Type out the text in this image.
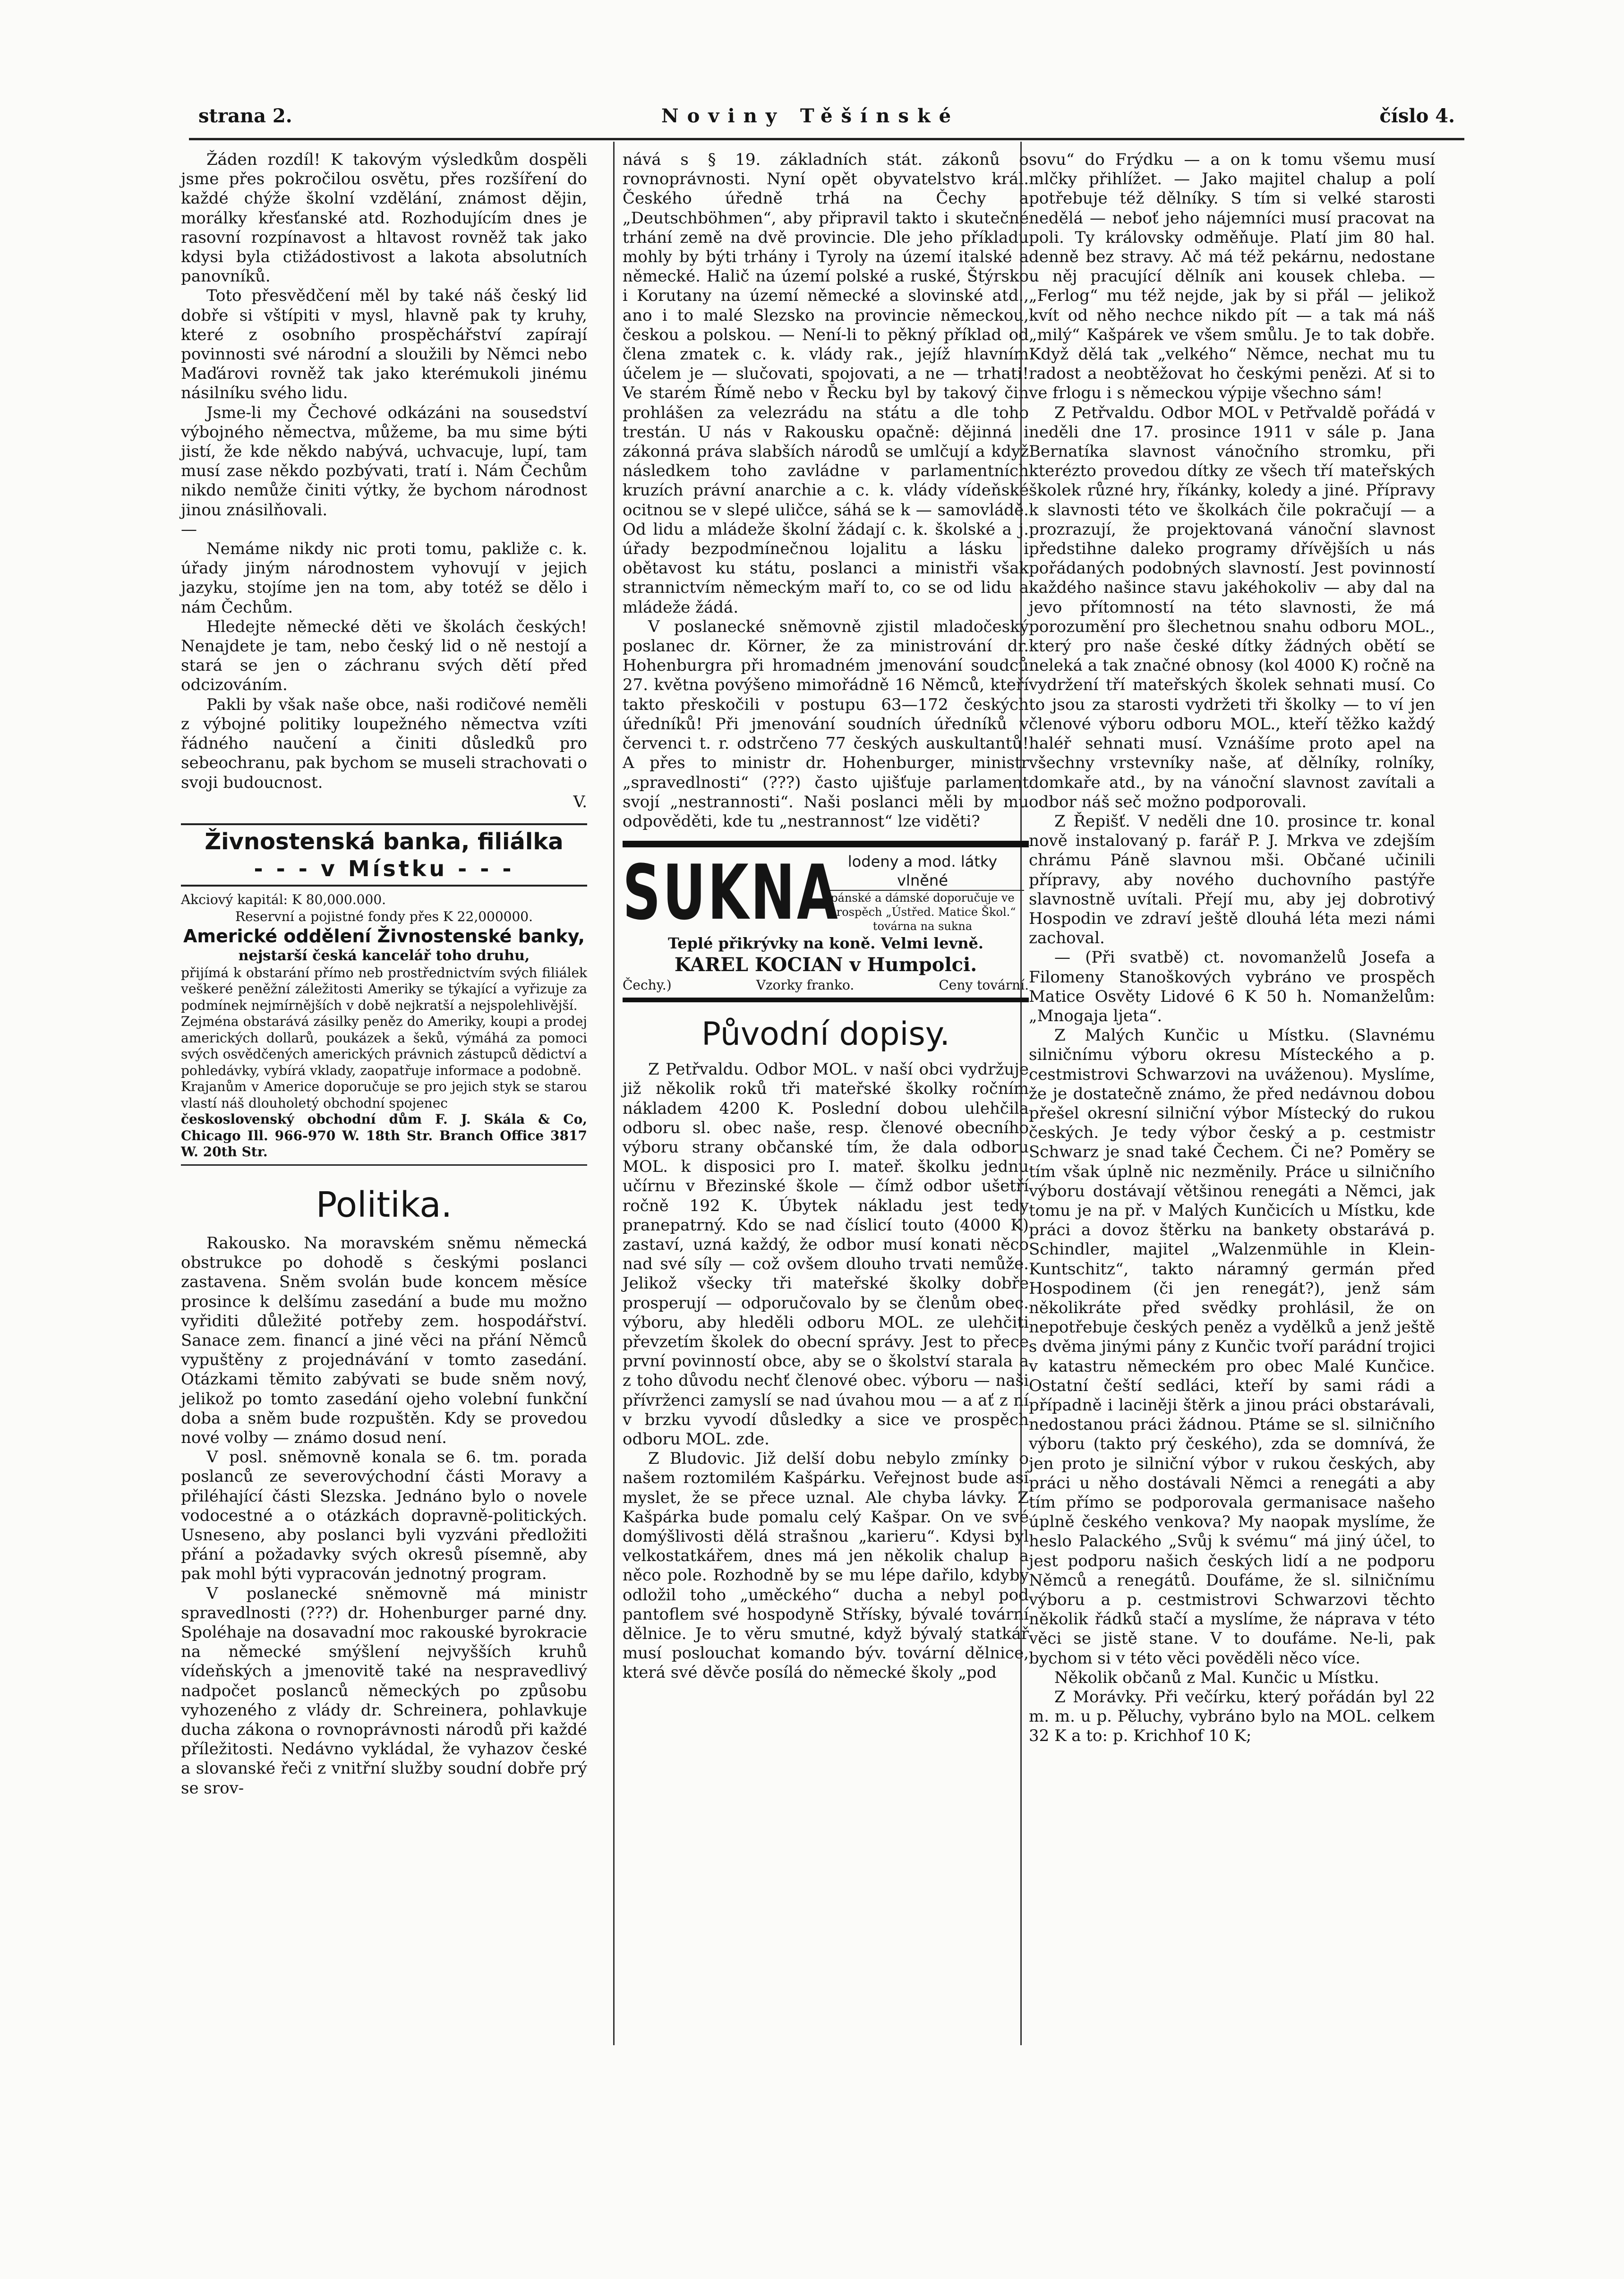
strana 2.	Noviny Těšínské	číslo 4.

Žáden rozdíl! K takovým výsledkům dospěli jsme přes pokročilou osvětu, přes rozšíření do každé chýže školní vzdělání, známost dějin, morálky křesťanské atd. Rozhodujícím dnes je rasovní rozpínavost a hltavost rovněž tak jako kdysi byla ctižádostivost a lakota absolutních panovníků.

Toto přesvědčení měl by také náš český lid dobře si vštípiti v mysl, hlavně pak ty kruhy, které z osobního prospěchářství zapírají povinnosti své národní a sloužili by Němci nebo Maďárovi rovněž tak jako kterémukoli jinému násilníku svého lidu.

Jsme-li my Čechové odkázáni na sousedství výbojného němectva, můžeme, ba mu sime býti jistí, že kde někdo nabývá, uchvacuje, lupí, tam musí zase někdo pozbývati, tratí i. Nám Čechům nikdo nemůže činiti výtky, že bychom národnost jinou znásilňovali.

—

Nemáme nikdy nic proti tomu, pakliže c. k. úřady jiným národnostem vyhovují v jejich jazyku, stojíme jen na tom, aby totéž se dělo i nám Čechům.

Hledejte německé děti ve školách českých! Nenajdete je tam, nebo český lid o ně nestojí a stará se jen o záchranu svých dětí před odcizováním.

Pakli by však naše obce, naši rodičové neměli z výbojné politiky loupežného němectva vzíti řádného naučení a činiti důsledků pro sebeochranu, pak bychom se museli strachovati o svoji budoucnost.

V.

Živnostenská banka, filiálka
- - - v Místku - - -
Akciový kapitál: K 80,000.000.
Reservní a pojistné fondy přes K 22,000000.
Americké oddělení Živnostenské banky,
nejstarší česká kancelář toho druhu,

přijímá k obstarání přímo neb prostřednictvím svých filiálek veškeré peněžní záležitosti Ameriky se týkající a vyřizuje za podmínek nejmírnějších v době nejkratší a nejspolehlivější.

Zejména obstarává zásilky peněz do Ameriky, koupi a prodej amerických dollarů, poukázek a šeků, výmáhá za pomoci svých osvědčených amerických právnich zástupců dědictví a pohledávky, vybírá vklady, zaopatřuje informace a podobně.

Krajanům v Americe doporučuje se pro jejich styk se starou vlastí náš dlouholetý obchodní spojenec

československý obchodní dům F. J. Skála & Co, Chicago Ill. 966-970 W. 18th Str. Branch Office 3817 W. 20th Str.

Politika.

Rakousko. Na moravském sněmu německá obstrukce po dohodě s českými poslanci zastavena. Sněm svolán bude koncem měsíce prosince k delšímu zasedání a bude mu možno vyřiditi důležité potřeby zem. hospodářství. Sanace zem. financí a jiné věci na přání Němců vypuštěny z projednávání v tomto zasedání. Otázkami těmito zabývati se bude sněm nový, jelikož po tomto zasedání ojeho volební funkční doba a sněm bude rozpuštěn. Kdy se provedou nové volby — známo dosud není.

V posl. sněmovně konala se 6. tm. porada poslanců ze severovýchodní části Moravy a přiléhající části Slezska. Jednáno bylo o novele vodocestné a o otázkách dopravně-politických. Usneseno, aby poslanci byli vyzváni předložiti přání a požadavky svých okresů písemně, aby pak mohl býti vypracován jednotný program.

V poslanecké sněmovně má ministr spravedlnosti (???) dr. Hohenburger parné dny. Spoléhaje na dosavadní moc rakouské byrokracie na německé smýšlení nejvyšších kruhů vídeňských a jmenovitě také na nespravedlivý nadpočet poslanců německých po způsobu vyhozeného z vlády dr. Schreinera, pohlavkuje ducha zákona o rovnoprávnosti národů při každé příležitosti. Nedávno vykládal, že vyhazov české a slovanské řeči z vnitřní služby soudní dobře prý se srov-

nává s § 19. základních stát. zákonů o rovnoprávnosti. Nyní opět obyvatelstvo král. Českého úředně trhá na Čechy a „Deutschböhmen“, aby připravil takto i skutečné trhání země na dvě provincie. Dle jeho příkladu mohly by býti trhány i Tyroly na území italské a německé. Halič na území polské a ruské, Štýrsko i Korutany na území německé a slovinské atd., ano i to malé Slezsko na provincie německou, českou a polskou. — Není-li to pěkný příklad od člena zmatek c. k. vlády rak., jejíž hlavním účelem je — slučovati, spojovati, a ne — trhati! Ve starém Římě nebo v Řecku byl by takový čin prohlášen za velezrádu na státu a dle toho trestán. U nás v Rakousku opačně: dějinná i zákonná práva slabších národů se umlčují a když následkem toho zavládne v parlamentních kruzích právní anarchie a c. k. vlády vídeňské ocitnou se v slepé uličce, sáhá se k — samovládě. Od lidu a mládeže školní žádají c. k. školské a j. úřady bezpodmínečnou lojalitu a lásku i obětavost ku státu, poslanci a ministři však strannictvím německým maří to, co se od lidu a mládeže žádá.

V poslanecké sněmovně zjistil mladočeský poslanec dr. Körner, že za ministrování dr. Hohenburgra při hromadném jmenování soudců 27. května povýšeno mimořádně 16 Němců, kteří takto přeskočili v postupu 63—172 českých úředníků! Při jmenování soudních úředníků v červenci t. r. odstrčeno 77 českých auskultantů! A přes to ministr dr. Hohenburger, ministr „spravedlnosti“ (???) často ujišťuje parlament svojí „nestrannosti“. Naši poslanci měli by mu odpověděti, kde tu „nestrannost“ lze viděti?

SUKNA lodeny a mod. látky vlněné
pánské a dámské doporučuje ve prospěch „Ústřed. Matice Škol.“ továrna na sukna
Teplé přikrývky na koně. Velmi levně.
KAREL KOCIAN v Humpolci.
Čechy.)	Vzorky franko.	Ceny tovární.
Původní dopisy.

Z Petřvaldu. Odbor MOL. v naší obci vydržuje již několik roků tři mateřské školky ročním nákladem 4200 K. Poslední dobou ulehčila odboru sl. obec naše, resp. členové obecního výboru strany občanské tím, že dala odboru MOL. k disposici pro I. mateř. školku jednu učírnu v Březinské škole — čímž odbor ušetří ročně 192 K. Úbytek nákladu jest tedy pranepatrný. Kdo se nad číslicí touto (4000 K) zastaví, uzná každý, že odbor musí konati něco nad své síly — což ovšem dlouho trvati nemůže. Jelikož všecky tři mateřské školky dobře prosperují — odporučovalo by se členům obec. výboru, aby hleděli odboru MOL. ze ulehčiti převzetím školek do obecní správy. Jest to přece první povinností obce, aby se o školství starala a z toho důvodu nechť členové obec. výboru — naši přívrženci zamyslí se nad úvahou mou — a ať z ní v brzku vyvodí důsledky a sice ve prospěch odboru MOL. zde.

Z Bludovic. Již delší dobu nebylo zmínky o našem roztomilém Kašpárku. Veřejnost bude asi myslet, že se přece uznal. Ale chyba lávky. Z Kašpárka bude pomalu celý Kašpar. On ve své domýšlivosti dělá strašnou „karieru“. Kdysi byl velkostatkářem, dnes má jen několik chalup a něco pole. Rozhodně by se mu lépe dařilo, kdyby odložil toho „uměckého“ ducha a nebyl pod pantoflem své hospodyně Střísky, bývalé tovární dělnice. Je to věru smutné, když bývalý statkář musí poslouchat komando býv. tovární dělnice, která své děvče posílá do německé školy „pod

sovu“ do Frýdku — a on k tomu všemu musí mlčky přihlížet. — Jako majitel chalup a polí potřebuje též dělníky. S tím si velké starosti nedělá — neboť jeho nájemníci musí pracovat na poli. Ty královsky odměňuje. Platí jim 80 hal. denně bez stravy. Ač má též pekárnu, nedostane u něj pracující dělník ani kousek chleba. — „Ferlog“ mu též nejde, jak by si přál — jelikož kvít od něho nechce nikdo pít — a tak má náš „milý“ Kašpárek ve všem smůlu. Je to tak dobře. Když dělá tak „velkého“ Němce, nechat mu tu radost a neobtěžovat ho českými penězi. Ať si to ve frlogu i s německou výpije všechno sám!

Z Petřvaldu. Odbor MOL v Petřvaldě pořádá v neděli dne 17. prosince 1911 v sále p. Jana Bernatíka slavnost vánočního stromku, při kterézto provedou dítky ze všech tří mateřských školek různé hry, říkánky, koledy a jiné. Přípravy k slavnosti této ve školkách čile pokračují — a prozrazují, že projektovaná vánoční slavnost předstihne daleko programy dřívějších u nás pořádaných podobných slavností. Jest povinností každého našince stavu jakéhokoliv — aby dal na jevo přítomností na této slavnosti, že má porozumění pro šlechetnou snahu odboru MOL., který pro naše české dítky žádných obětí se neleká a tak značné obnosy (kol 4000 K) ročně na vydržení tří mateřských školek sehnati musí. Co to jsou za starosti vydržeti tři školky — to ví jen členové výboru odboru MOL., kteří těžko každý haléř sehnati musí. Vznášíme proto apel na všechny vrstevníky naše, ať dělníky, rolníky, domkaře atd., by na vánoční slavnost zavítali a odbor náš seč možno podporovali.

Z Řepišť. V neděli dne 10. prosince tr. konal nově instalovaný p. farář P. J. Mrkva ve zdejším chrámu Páně slavnou mši. Občané učinili přípravy, aby nového duchovního pastýře slavnostně uvítali. Přejí mu, aby jej dobrotivý Hospodin ve zdraví ještě dlouhá léta mezi námi zachoval.

— (Při svatbě) ct. novomanželů Josefa a Filomeny Stanoškových vybráno ve prospěch Matice Osvěty Lidové 6 K 50 h. Nomanželům: „Mnogaja ljeta“.

Z Malých Kunčic u Místku. (Slavnému silničnímu výboru okresu Místeckého a p. cestmistrovi Schwarzovi na uváženou). Myslíme, že je dostatečně známo, že před nedávnou dobou přešel okresní silniční výbor Místecký do rukou českých. Je tedy výbor český a p. cestmistr Schwarz je snad také Čechem. Či ne? Poměry se tím však úplně nic nezměnily. Práce u silničního výboru dostávají většinou renegáti a Němci, jak tomu je na př. v Malých Kunčicích u Místku, kde práci a dovoz štěrku na bankety obstarává p. Schindler, majitel „Walzenmühle in Klein-Kuntschitz“, takto náramný germán před Hospodinem (či jen renegát?), jenž sám několikráte před svědky prohlásil, že on nepotřebuje českých peněz a vydělků a jenž ještě s dvěma jinými pány z Kunčic tvoří parádní trojici v katastru německém pro obec Malé Kunčice. Ostatní čeští sedláci, kteří by sami rádi a případně i laciněji štěrk a jinou práci obstarávali, nedostanou práci žádnou. Ptáme se sl. silničního výboru (takto prý českého), zda se domnívá, že jen proto je silniční výbor v rukou českých, aby práci u něho dostávali Němci a renegáti a aby tím přímo se podporovala germanisace našeho úplně českého venkova? My naopak myslíme, že heslo Palackého „Svůj k svému“ má jiný účel, to jest podporu našich českých lidí a ne podporu Němců a renegátů. Doufáme, že sl. silničnímu výboru a p. cestmistrovi Schwarzovi těchto několik řádků stačí a myslíme, že náprava v této věci se jistě stane. V to doufáme. Ne-li, pak bychom si v této věci pověděli něco více.

Několik občanů z Mal. Kunčic u Místku.

Z Morávky. Při večírku, který pořádán byl 22 m. m. u p. Pěluchy, vybráno bylo na MOL. celkem 32 K a to: p. Krichhof 10 K;
